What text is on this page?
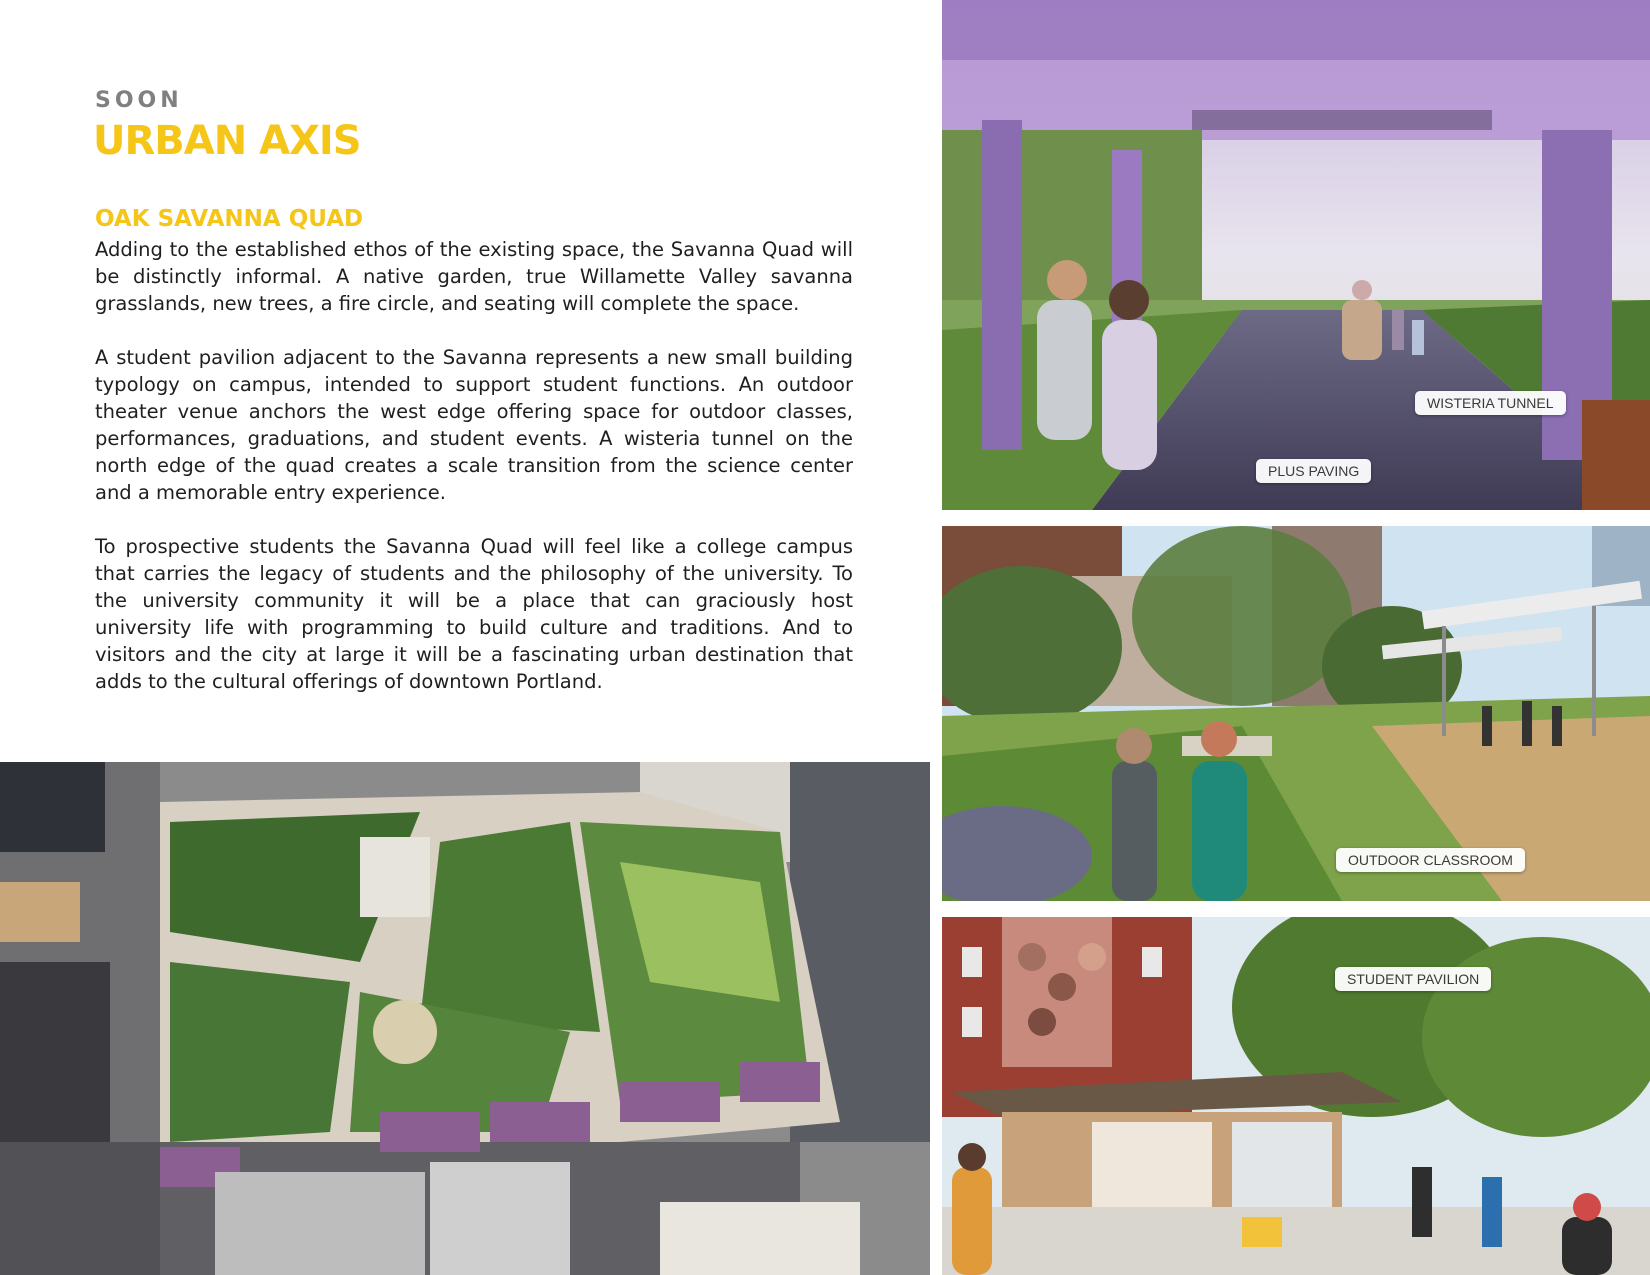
SOON
URBAN AXIS
OAK SAVANNA QUAD

Adding to the established ethos of the existing space, the Savanna Quad will be distinctly informal. A native garden, true Willamette Valley savanna grasslands, new trees, a fire circle, and seating will complete the space.

A student pavilion adjacent to the Savanna represents a new small building typology on campus, intended to support student functions. An outdoor theater venue anchors the west edge offering space for outdoor classes, performances, graduations, and student events. A wisteria tunnel on the north edge of the quad creates a scale transition from the science center and a memorable entry experience.

To prospective students the Savanna Quad will feel like a college campus that carries the legacy of students and the philosophy of the university. To the university community it will be a place that can graciously host university life with programming to build culture and traditions. And to visitors and the city at large it will be a fascinating urban destination that adds to the cultural offerings of downtown Portland.

WISTERIA TUNNEL
PLUS PAVING
OUTDOOR CLASSROOM
STUDENT PAVILION
